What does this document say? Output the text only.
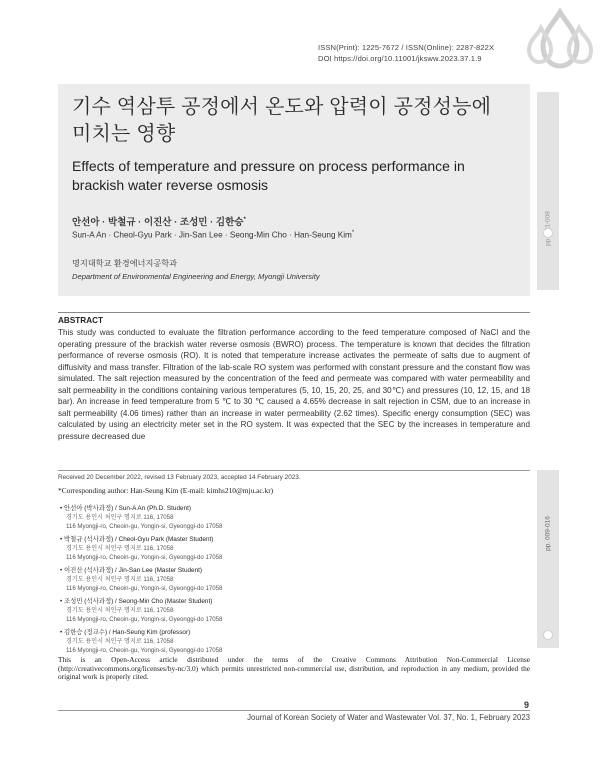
ISSN(Print): 1225-7672 / ISSN(Online): 2287-822X
DOI https://doi.org/10.11001/jksww.2023.37.1.9
기수 역삼투 공정에서 온도와 압력이 공정성능에
미치는 영향
Effects of temperature and pressure on process performance in
brackish water reverse osmosis
안선아 · 박철규 · 이진산 · 조성민 · 김한승*
Sun-A An · Cheol-Gyu Park · Jin-San Lee · Seong-Min Cho · Han-Seung Kim*
명지대학교 환경에너지공학과
Department of Environmental Engineering and Energy, Myongji University
pp. 009-016
ABSTRACT
This study was conducted to evaluate the filtration performance according to the feed temperature composed of NaCl and the operating pressure of the brackish water reverse osmosis (BWRO) process. The temperature is known that decides the filtration performance of reverse osmosis (RO). It is noted that temperature increase activates the permeate of salts due to augment of diffusivity and mass transfer. Filtration of the lab-scale RO system was performed with constant pressure and the constant flow was simulated. The salt rejection measured by the concentration of the feed and permeate was compared with water permeability and salt permeability in the conditions containing various temperatures (5, 10, 15, 20, 25, and 30℃) and pressures (10, 12, 15, and 18 bar). An increase in feed temperature from 5 ℃ to 30 ℃ caused a 4.65% decrease in salt rejection in CSM, due to an increase in salt permeability (4.06 times) rather than an increase in water permeability (2.62 times). Specific energy consumption (SEC) was calculated by using an electricity meter set in the RO system. It was expected that the SEC by the increases in temperature and pressure decreased due
Received 20 December 2022, revised 13 February 2023, accepted 14 February 2023.
*Corresponding author: Han-Seung Kim (E-mail: kimhs210@mju.ac.kr)
• 안선아 (박사과정) / Sun-A An (Ph.D. Student)
경기도 용인시 처인구 명지로 116, 17058
116 Myongji-ro, Cheoin-gu, Yongin-si, Gyeonggi-do 17058
• 박철규 (석사과정) / Cheol-Gyu Park (Master Student)
경기도 용인시 처인구 명지로 116, 17058
116 Myongji-ro, Cheoin-gu, Yongin-si, Gyeonggi-do 17058
• 이진산 (석사과정) / Jin-San Lee (Master Student)
경기도 용인시 처인구 명지로 116, 17058
116 Myongji-ro, Cheoin-gu, Yongin-si, Gyeonggi-do 17058
• 조성민 (석사과정) / Seong-Min Cho (Master Student)
경기도 용인시 처인구 명지로 116, 17058
116 Myongji-ro, Cheoin-gu, Yongin-si, Gyeonggi-do 17058
• 김한승 (정교수) / Han-Seung Kim (professor)
경기도 용인시 처인구 명지로 116, 17058
116 Myongji-ro, Cheoin-gu, Yongin-si, Gyeonggi-do 17058
This is an Open-Access article distributed under the terms of the Creative Commons Attribution Non-Commercial License (http://creativecommons.org/licenses/by-nc/3.0) which permits unrestricted non-commercial use, distribution, and reproduction in any medium, provided the original work is properly cited.
9
Journal of Korean Society of Water and Wastewater Vol. 37, No. 1, February 2023
